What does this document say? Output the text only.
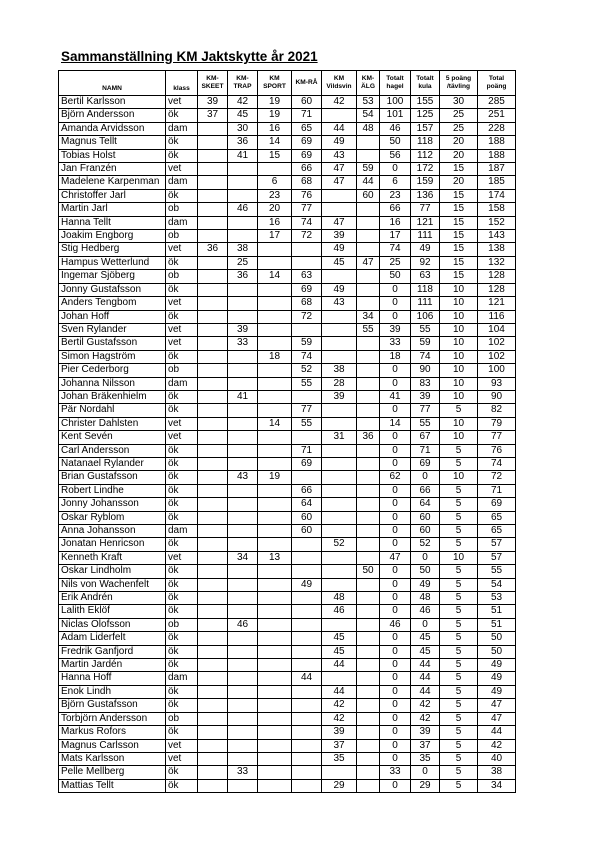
Sammanställning KM Jaktskytte år 2021
NAMN	klass	KM-SKEET	KM-TRAP	KM SPORT	KM-RÅ	KM Vildsvin	KM-ÄLG	Totalt hagel	Totalt kula	5 poäng /tävling	Total poäng
Bertil Karlsson	vet	39	42	19	60	42	53	100	155	30	285
Björn Andersson	ök	37	45	19	71		54	101	125	25	251
Amanda Arvidsson	dam		30	16	65	44	48	46	157	25	228
Magnus Tellt	ök		36	14	69	49		50	118	20	188
Tobias Holst	ök		41	15	69	43		56	112	20	188
Jan Franzén	vet				66	47	59	0	172	15	187
Madelene Karpenman	dam			6	68	47	44	6	159	20	185
Christoffer Jarl	ök			23	76		60	23	136	15	174
Martin Jarl	ob		46	20	77			66	77	15	158
Hanna Tellt	dam			16	74	47		16	121	15	152
Joakim Engborg	ob			17	72	39		17	111	15	143
Stig Hedberg	vet	36	38			49		74	49	15	138
Hampus Wetterlund	ök		25			45	47	25	92	15	132
Ingemar Sjöberg	ob		36	14	63			50	63	15	128
Jonny Gustafsson	ök				69	49		0	118	10	128
Anders Tengbom	vet				68	43		0	111	10	121
Johan Hoff	ök				72		34	0	106	10	116
Sven Rylander	vet		39				55	39	55	10	104
Bertil Gustafsson	vet		33		59			33	59	10	102
Simon Hagström	ök			18	74			18	74	10	102
Pier Cederborg	ob				52	38		0	90	10	100
Johanna Nilsson	dam				55	28		0	83	10	93
Johan Bräkenhielm	ök		41			39		41	39	10	90
Pär Nordahl	ök				77			0	77	5	82
Christer Dahlsten	vet			14	55			14	55	10	79
Kent Sevén	vet					31	36	0	67	10	77
Carl Andersson	ök				71			0	71	5	76
Natanael Rylander	ök				69			0	69	5	74
Brian Gustafsson	ök		43	19				62	0	10	72
Robert Lindhe	ök				66			0	66	5	71
Jonny Johansson	ök				64			0	64	5	69
Oskar Ryblom	ök				60			0	60	5	65
Anna Johansson	dam				60			0	60	5	65
Jonatan Henricson	ök					52		0	52	5	57
Kenneth Kraft	vet		34	13				47	0	10	57
Oskar Lindholm	ök						50	0	50	5	55
Nils von Wachenfelt	ök				49			0	49	5	54
Erik Andrén	ök					48		0	48	5	53
Lalith Eklöf	ök					46		0	46	5	51
Niclas Olofsson	ob		46					46	0	5	51
Adam Liderfelt	ök					45		0	45	5	50
Fredrik Ganfjord	ök					45		0	45	5	50
Martin Jardén	ök					44		0	44	5	49
Hanna Hoff	dam				44			0	44	5	49
Enok Lindh	ök					44		0	44	5	49
Björn Gustafsson	ök					42		0	42	5	47
Torbjörn Andersson	ob					42		0	42	5	47
Markus Rofors	ök					39		0	39	5	44
Magnus Carlsson	vet					37		0	37	5	42
Mats Karlsson	vet					35		0	35	5	40
Pelle Mellberg	ök		33					33	0	5	38
Mattias Tellt	ök					29		0	29	5	34
